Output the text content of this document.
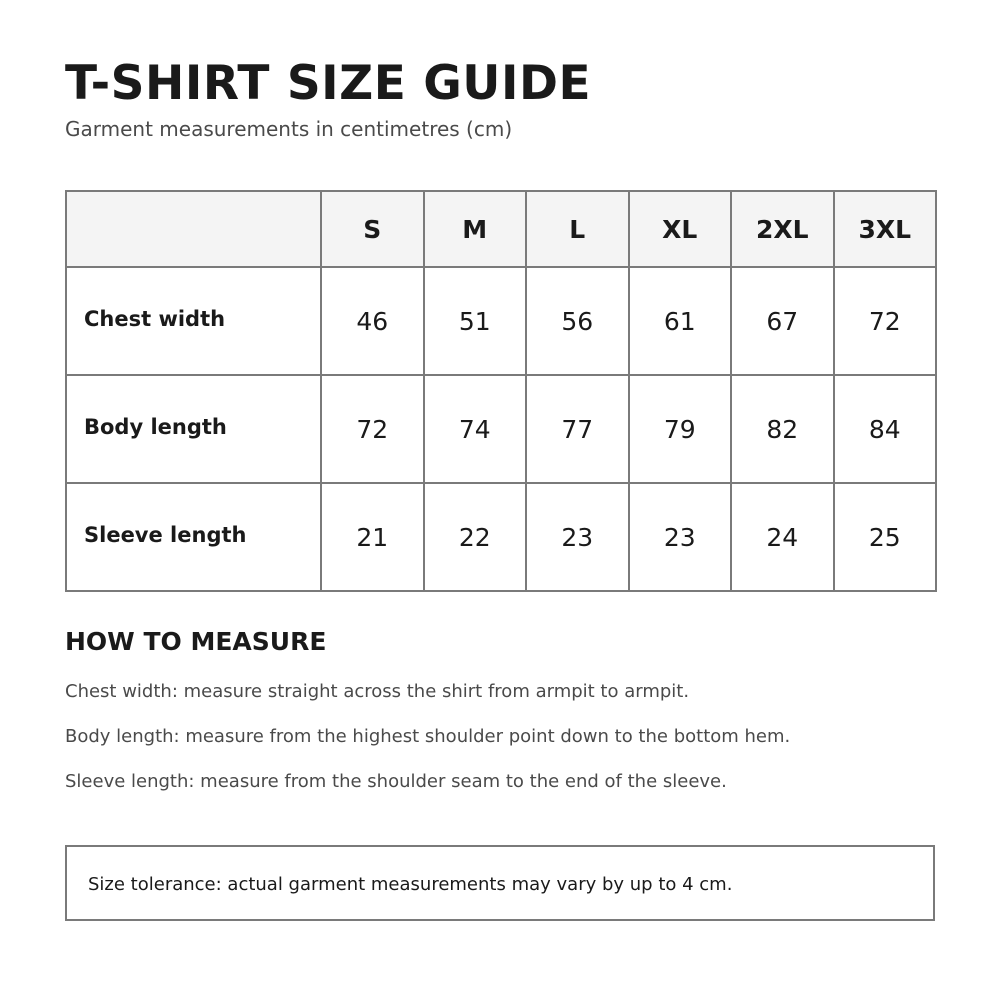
T-SHIRT SIZE GUIDE

Garment measurements in centimetres (cm)

	S	M	L	XL	2XL	3XL
Chest width	46	51	56	61	67	72
Body length	72	74	77	79	82	84
Sleeve length	21	22	23	23	24	25
HOW TO MEASURE
Chest width: measure straight across the shirt from armpit to armpit.
Body length: measure from the highest shoulder point down to the bottom hem.
Sleeve length: measure from the shoulder seam to the end of the sleeve.
Size tolerance: actual garment measurements may vary by up to 4 cm.
